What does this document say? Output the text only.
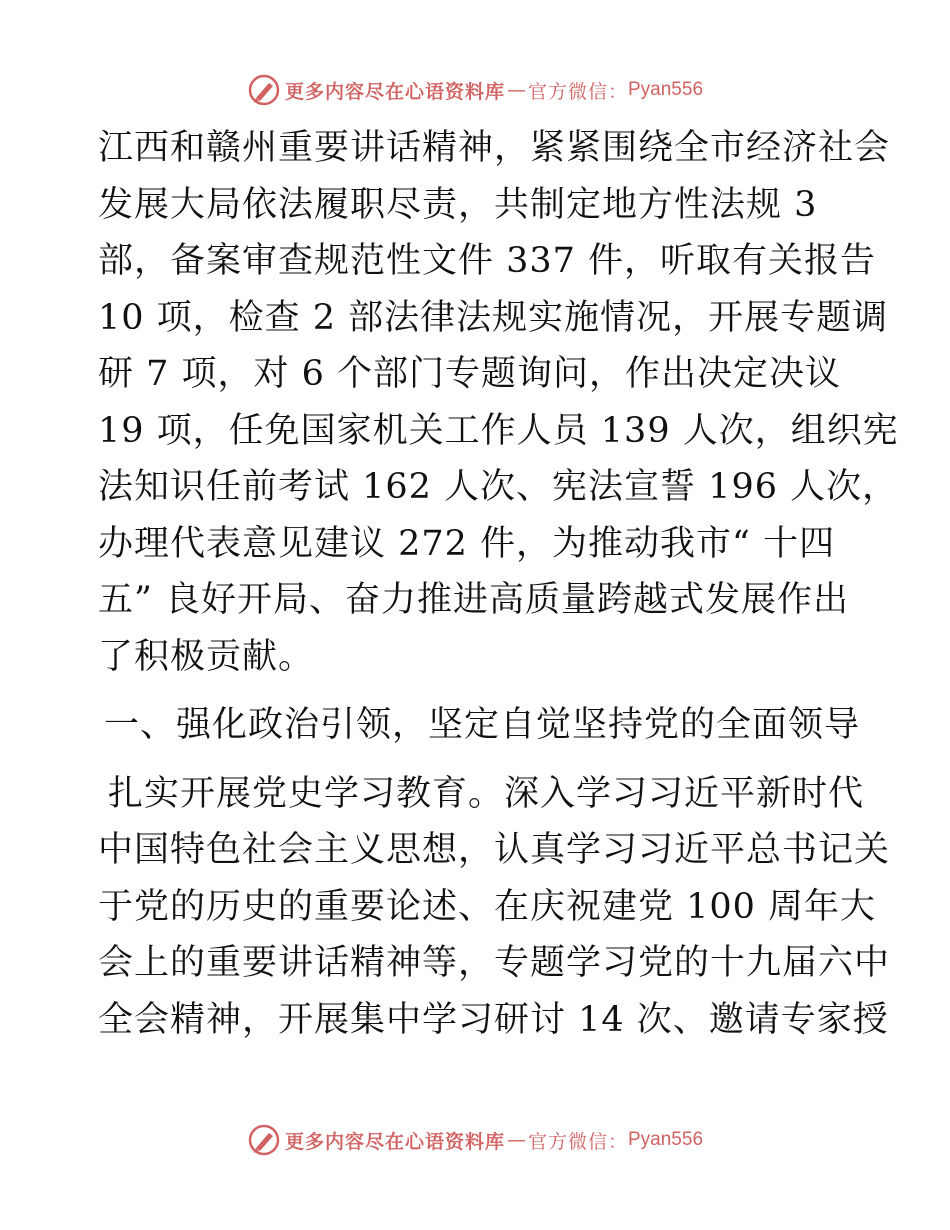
更多内容尽在心语资料库 — 官方微信： Pyan556
江西和赣州重要讲话精神，紧紧围绕全市经济社会
发展大局依法履职尽责，共制定地方性法规 3
部，备案审查规范性文件 337 件，听取有关报告
10 项，检查 2 部法律法规实施情况，开展专题调
研 7 项，对 6 个部门专题询问，作出决定决议
19 项，任免国家机关工作人员 139 人次，组织宪
法知识任前考试 162 人次、宪法宣誓 196 人次，
办理代表意见建议 272 件，为推动我市“ 十四
五” 良好开局、奋力推进高质量跨越式发展作出
了积极贡献。
一、强化政治引领，坚定自觉坚持党的全面领导
扎实开展党史学习教育。深入学习习近平新时代
中国特色社会主义思想，认真学习习近平总书记关
于党的历史的重要论述、在庆祝建党 100 周年大
会上的重要讲话精神等，专题学习党的十九届六中
全会精神，开展集中学习研讨 14 次、邀请专家授
更多内容尽在心语资料库 — 官方微信： Pyan556
